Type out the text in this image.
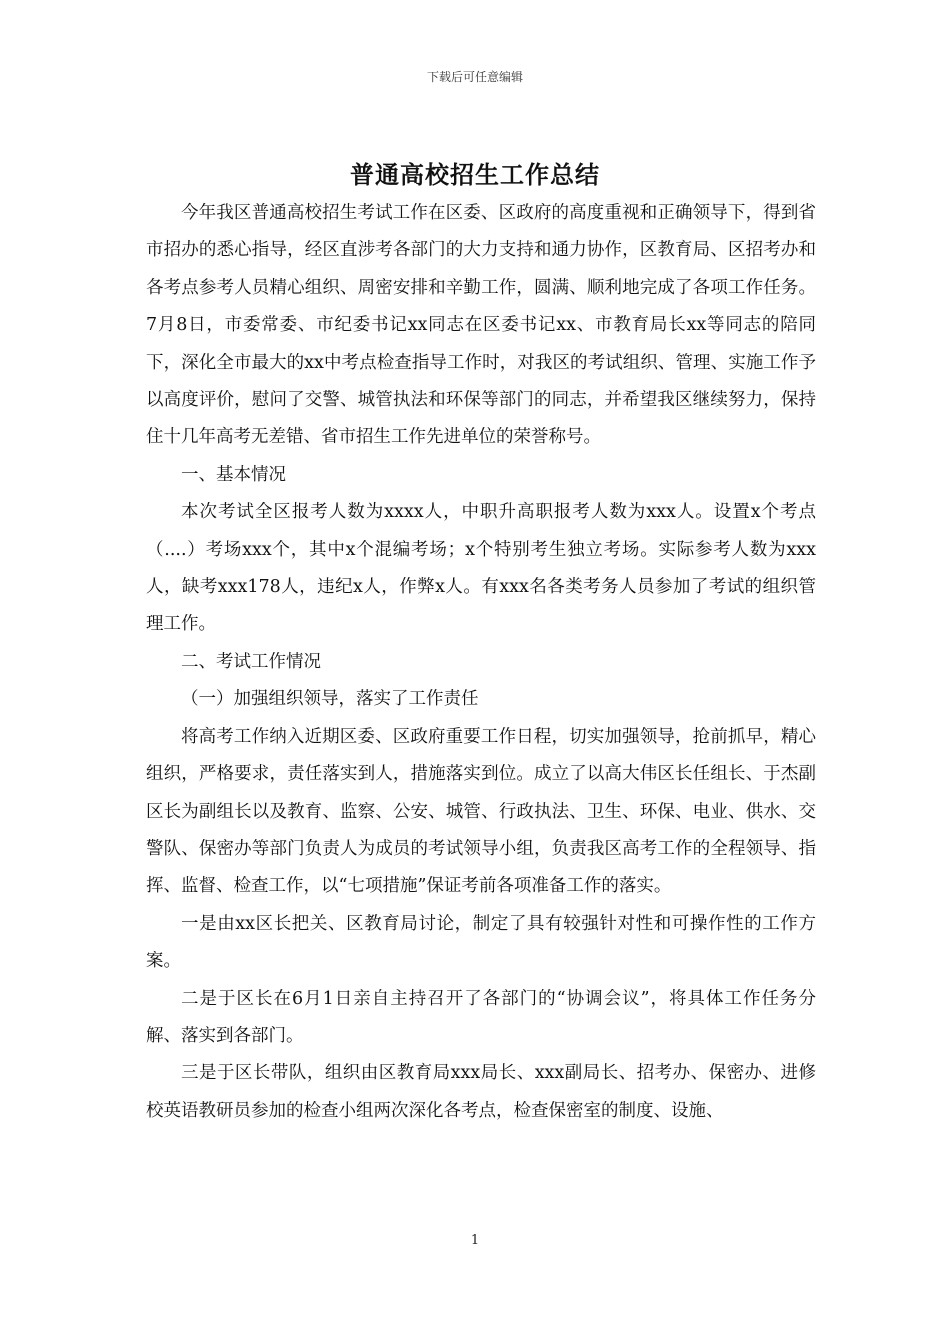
下载后可任意编辑
普通高校招生工作总结

今年我区普通高校招生考试工作在区委、区政府的高度重视和正确领导下，得到省市招办的悉心指导，经区直涉考各部门的大力支持和通力协作，区教育局、区招考办和各考点参考人员精心组织、周密安排和辛勤工作，圆满、顺利地完成了各项工作任务。7月8日，市委常委、市纪委书记xx同志在区委书记xx、市教育局长xx等同志的陪同下，深化全市最大的xx中考点检查指导工作时，对我区的考试组织、管理、实施工作予以高度评价，慰问了交警、城管执法和环保等部门的同志，并希望我区继续努力，保持住十几年高考无差错、省市招生工作先进单位的荣誉称号。

一、基本情况

本次考试全区报考人数为xxxx人，中职升高职报考人数为xxx人。设置x个考点（....）考场xxx个，其中x个混编考场；x个特别考生独立考场。实际参考人数为xxx人，缺考xxx178人，违纪x人，作弊x人。有xxx名各类考务人员参加了考试的组织管理工作。

二、考试工作情况

（一）加强组织领导，落实了工作责任

将高考工作纳入近期区委、区政府重要工作日程，切实加强领导，抢前抓早，精心组织，严格要求，责任落实到人，措施落实到位。成立了以高大伟区长任组长、于杰副区长为副组长以及教育、监察、公安、城管、行政执法、卫生、环保、电业、供水、交警队、保密办等部门负责人为成员的考试领导小组，负责我区高考工作的全程领导、指挥、监督、检查工作，以“七项措施”保证考前各项准备工作的落实。

一是由xx区长把关、区教育局讨论，制定了具有较强针对性和可操作性的工作方案。

二是于区长在6月1日亲自主持召开了各部门的“协调会议”，将具体工作任务分解、落实到各部门。

三是于区长带队，组织由区教育局xxx局长、xxx副局长、招考办、保密办、进修校英语教研员参加的检查小组两次深化各考点，检查保密室的制度、设施、

1
